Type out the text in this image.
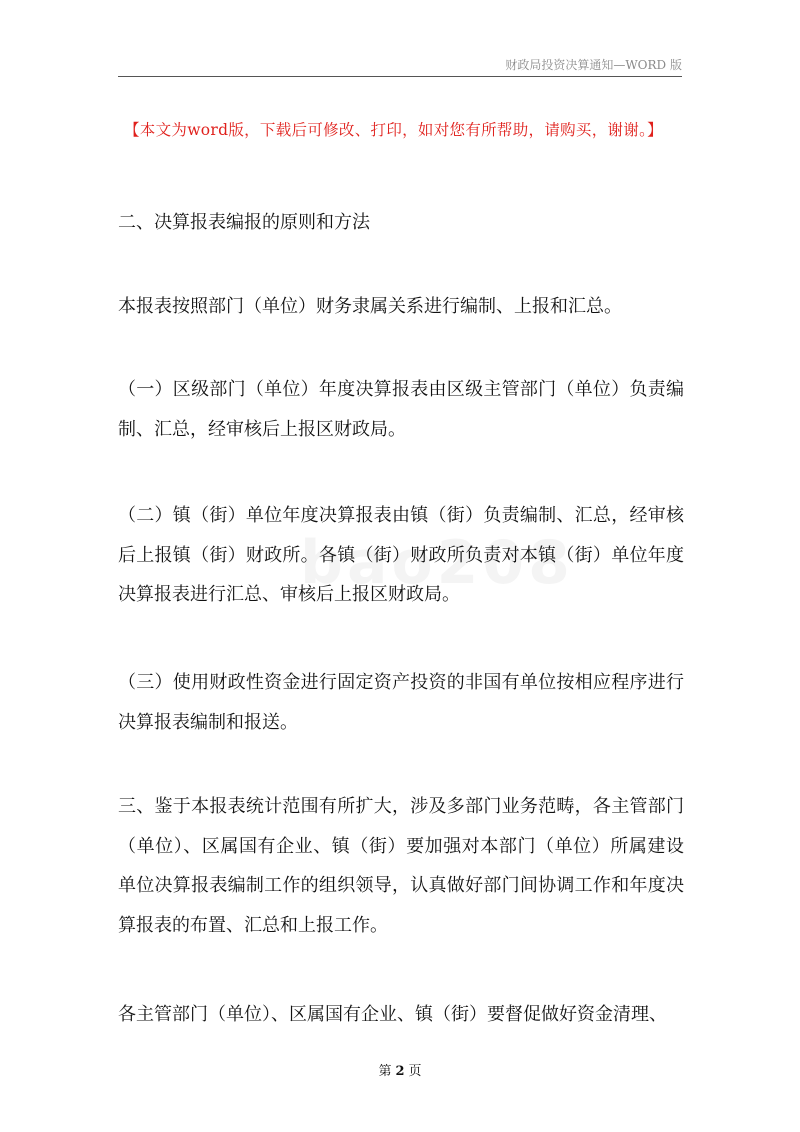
财政局投资决算通知—WORD 版
【本文为word版，下载后可修改、打印，如对您有所帮助，请购买，谢谢。】
二、决算报表编报的原则和方法
本报表按照部门（单位）财务隶属关系进行编制、上报和汇总。
（一）区级部门（单位）年度决算报表由区级主管部门（单位）负责编制、汇总，经审核后上报区财政局。
（二）镇（街）单位年度决算报表由镇（街）负责编制、汇总，经审核后上报镇（街）财政所。各镇（街）财政所负责对本镇（街）单位年度决算报表进行汇总、审核后上报区财政局。
（三）使用财政性资金进行固定资产投资的非国有单位按相应程序进行决算报表编制和报送。
三、鉴于本报表统计范围有所扩大，涉及多部门业务范畴，各主管部门（单位）、区属国有企业、镇（街）要加强对本部门（单位）所属建设单位决算报表编制工作的组织领导，认真做好部门间协调工作和年度决算报表的布置、汇总和上报工作。
各主管部门（单位）、区属国有企业、镇（街）要督促做好资金清理、
第 2 页
